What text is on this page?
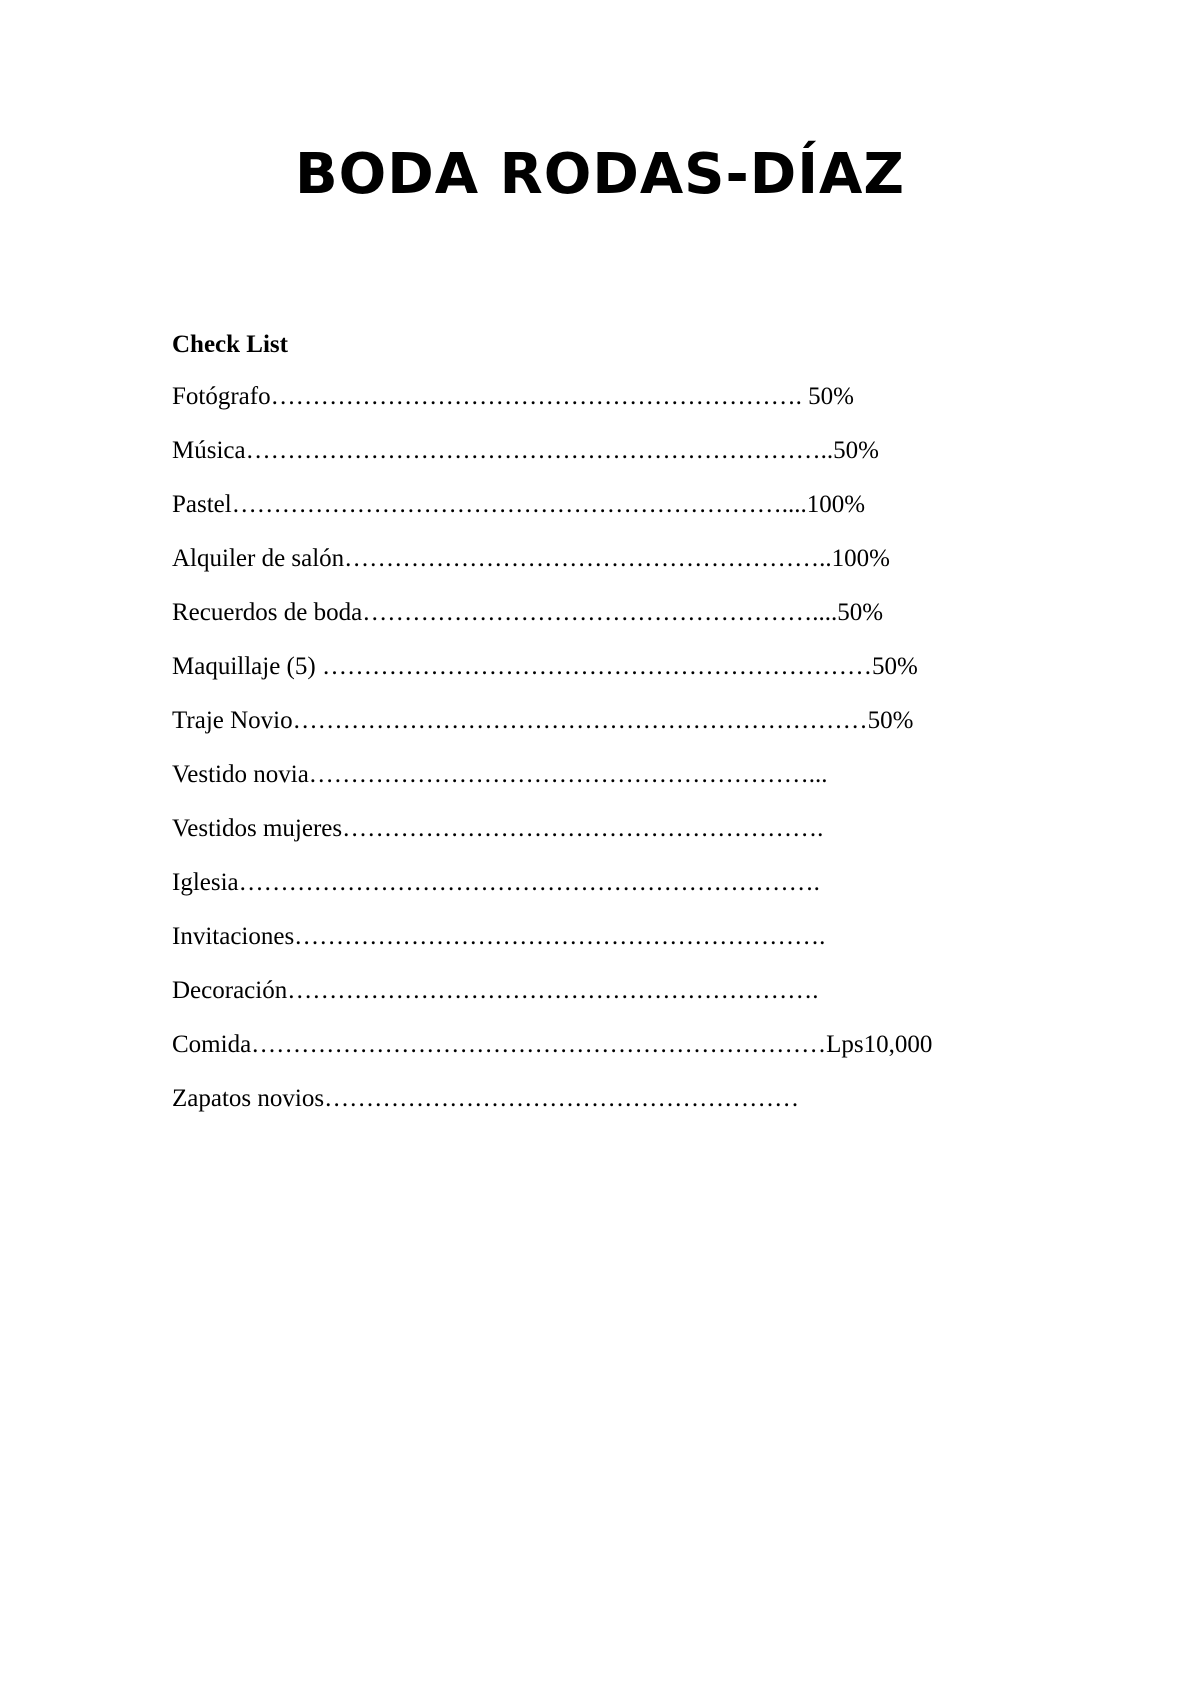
BODA RODAS-DÍAZ

Check List

Fotógrafo………………………………………………………. 50%
Música……………………………………………………………..50%
Pastel…………………………………………………………....100%
Alquiler de salón…………………………………………………..100%
Recuerdos de boda………………………………………………....50%
Maquillaje (5) …………………………………………………………50%
Traje Novio……………………………………………………………50%
Vestido novia……………………………………………………...
Vestidos mujeres………………………………………………….
Iglesia…………………………………………………………….
Invitaciones……………………………………………………….
Decoración……………………………………………………….
Comida……………………………………………………………Lps10,000
Zapatos novios…………………………………………………
